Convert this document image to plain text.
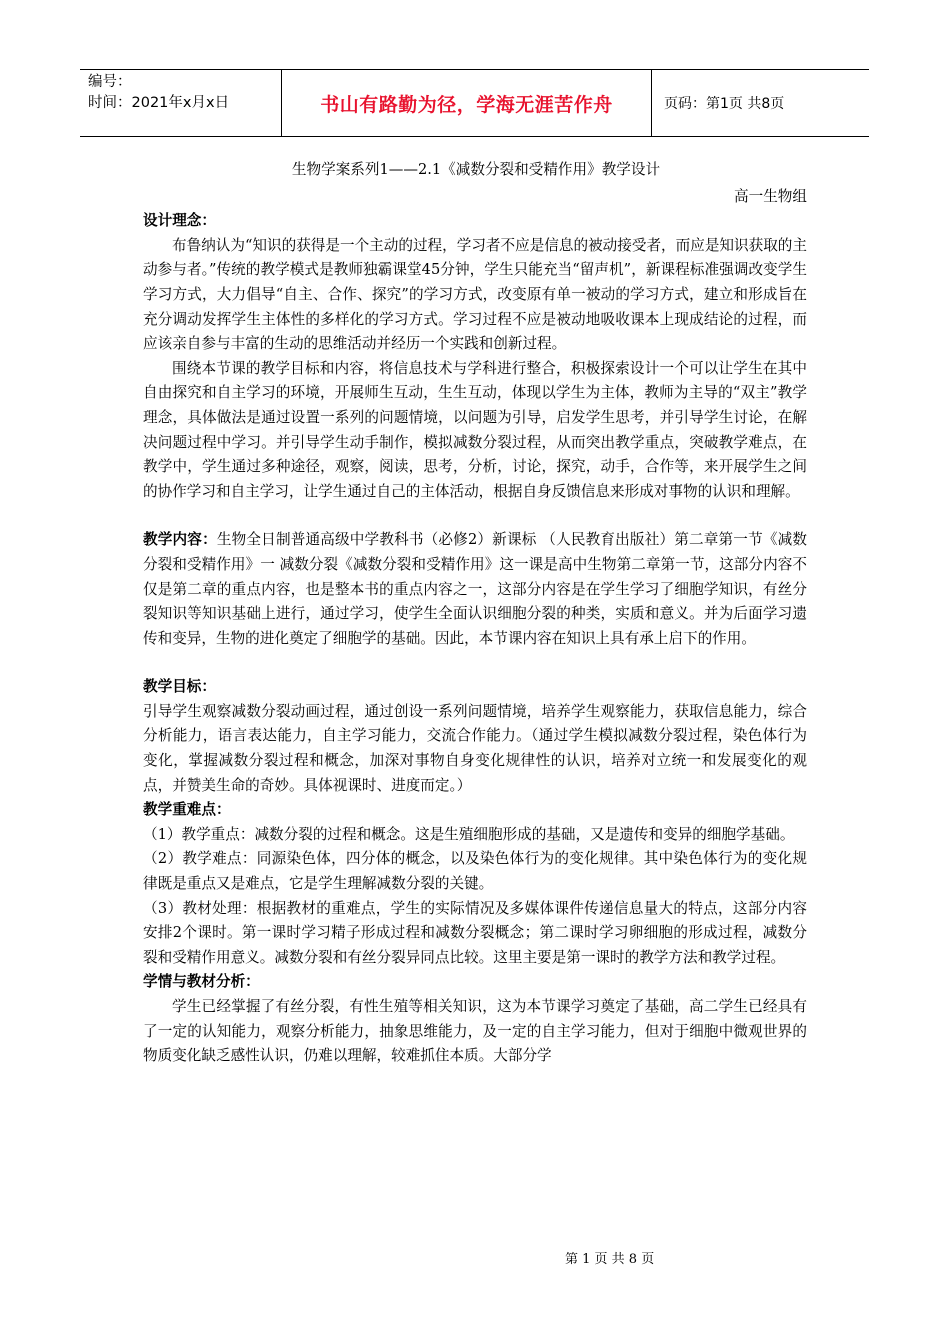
编号：
时间：2021年x月x日	书山有路勤为径，学海无涯苦作舟	页码：第1页 共8页

生物学案系列1——2.1《减数分裂和受精作用》教学设计

高一生物组

设计理念：

布鲁纳认为“知识的获得是一个主动的过程，学习者不应是信息的被动接受者，而应是知识获取的主动参与者。”传统的教学模式是教师独霸课堂45分钟，学生只能充当“留声机”，新课程标准强调改变学生学习方式，大力倡导“自主、合作、探究”的学习方式，改变原有单一被动的学习方式，建立和形成旨在充分调动发挥学生主体性的多样化的学习方式。学习过程不应是被动地吸收课本上现成结论的过程，而应该亲自参与丰富的生动的思维活动并经历一个实践和创新过程。

围绕本节课的教学目标和内容，将信息技术与学科进行整合，积极探索设计一个可以让学生在其中自由探究和自主学习的环境，开展师生互动，生生互动，体现以学生为主体，教师为主导的“双主”教学理念，具体做法是通过设置一系列的问题情境，以问题为引导，启发学生思考，并引导学生讨论，在解决问题过程中学习。并引导学生动手制作，模拟减数分裂过程，从而突出教学重点，突破教学难点，在教学中，学生通过多种途径，观察，阅读，思考，分析，讨论，探究，动手，合作等，来开展学生之间的协作学习和自主学习，让学生通过自己的主体活动，根据自身反馈信息来形成对事物的认识和理解。

教学内容：生物全日制普通高级中学教科书（必修2）新课标 （人民教育出版社）第二章第一节《减数分裂和受精作用》一 减数分裂《减数分裂和受精作用》这一课是高中生物第二章第一节，这部分内容不仅是第二章的重点内容，也是整本书的重点内容之一，这部分内容是在学生学习了细胞学知识，有丝分裂知识等知识基础上进行，通过学习，使学生全面认识细胞分裂的种类，实质和意义。并为后面学习遗传和变异，生物的进化奠定了细胞学的基础。因此，本节课内容在知识上具有承上启下的作用。

教学目标：

引导学生观察减数分裂动画过程，通过创设一系列问题情境，培养学生观察能力，获取信息能力，综合分析能力，语言表达能力，自主学习能力，交流合作能力。（通过学生模拟减数分裂过程，染色体行为变化，掌握减数分裂过程和概念，加深对事物自身变化规律性的认识，培养对立统一和发展变化的观点，并赞美生命的奇妙。具体视课时、进度而定。）

教学重难点：

（1）教学重点：减数分裂的过程和概念。这是生殖细胞形成的基础，又是遗传和变异的细胞学基础。

（2）教学难点：同源染色体，四分体的概念，以及染色体行为的变化规律。其中染色体行为的变化规律既是重点又是难点，它是学生理解减数分裂的关键。

（3）教材处理：根据教材的重难点，学生的实际情况及多媒体课件传递信息量大的特点，这部分内容安排2个课时。第一课时学习精子形成过程和减数分裂概念；第二课时学习卵细胞的形成过程，减数分裂和受精作用意义。减数分裂和有丝分裂异同点比较。这里主要是第一课时的教学方法和教学过程。

学情与教材分析：

学生已经掌握了有丝分裂，有性生殖等相关知识，这为本节课学习奠定了基础，高二学生已经具有了一定的认知能力，观察分析能力，抽象思维能力，及一定的自主学习能力，但对于细胞中微观世界的物质变化缺乏感性认识，仍难以理解，较难抓住本质。大部分学

第 1 页 共 8 页
